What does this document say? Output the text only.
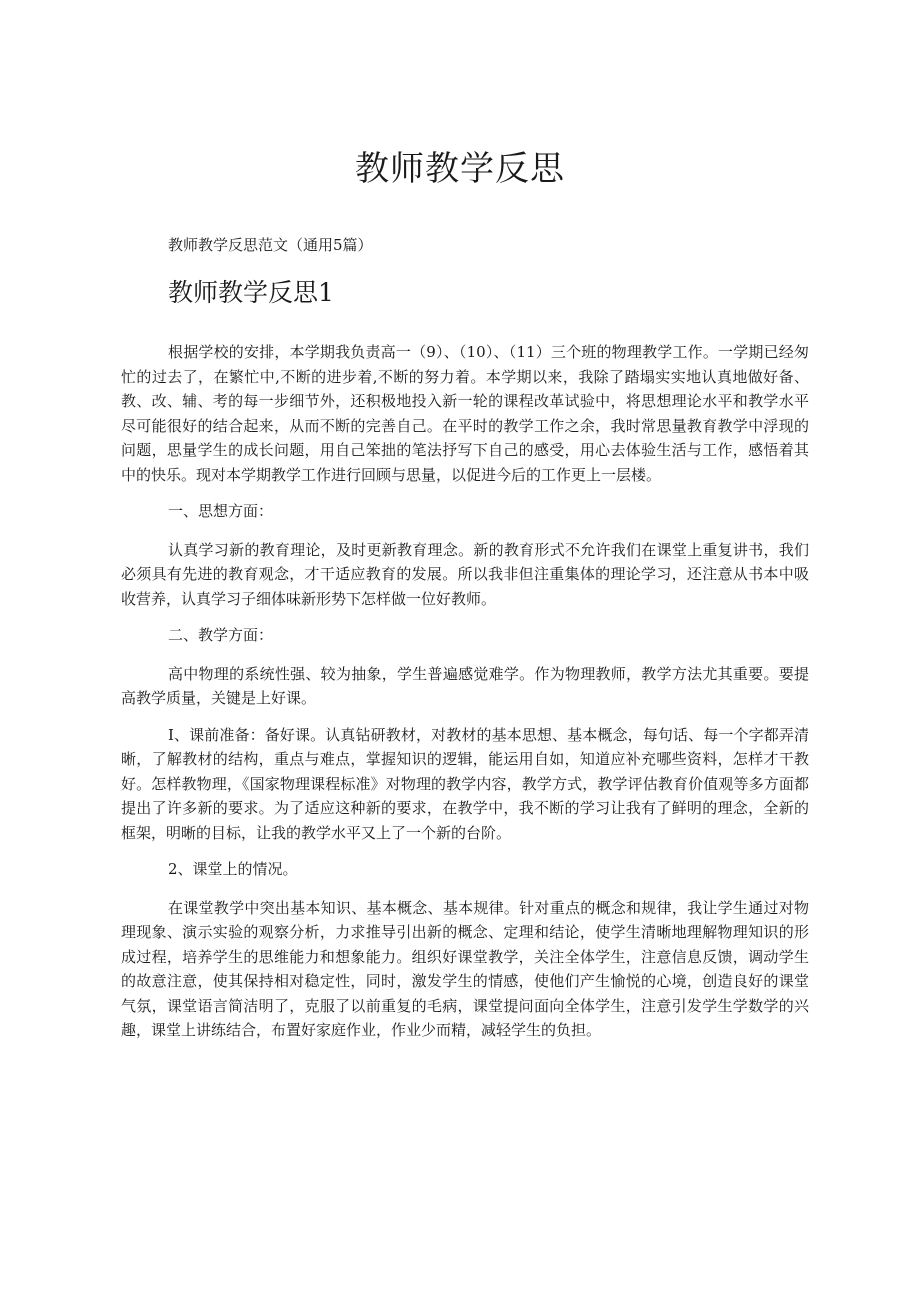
教师教学反思
教师教学反思范文（通用5篇）
教师教学反思1

根据学校的安排，本学期我负责高一（9）、（10）、（11）三个班的物理教学工作。一学期已经匆忙的过去了，在繁忙中,不断的进步着,不断的努力着。本学期以来，我除了踏塌实实地认真地做好备、教、改、辅、考的每一步细节外，还积极地投入新一轮的课程改革试验中，将思想理论水平和教学水平尽可能很好的结合起来，从而不断的完善自己。在平时的教学工作之余，我时常思量教育教学中浮现的问题，思量学生的成长问题，用自己笨拙的笔法抒写下自己的感受，用心去体验生活与工作，感悟着其中的快乐。现对本学期教学工作进行回顾与思量，以促进今后的工作更上一层楼。

一、思想方面：

认真学习新的教育理论，及时更新教育理念。新的教育形式不允许我们在课堂上重复讲书，我们必须具有先进的教育观念，才干适应教育的发展。所以我非但注重集体的理论学习，还注意从书本中吸收营养，认真学习子细体味新形势下怎样做一位好教师。

二、教学方面：

高中物理的系统性强、较为抽象，学生普遍感觉难学。作为物理教师，教学方法尤其重要。要提高教学质量，关键是上好课。

I、课前准备：备好课。认真钻研教材，对教材的基本思想、基本概念，每句话、每一个字都弄清晰，了解教材的结构，重点与难点，掌握知识的逻辑，能运用自如，知道应补充哪些资料，怎样才干教好。怎样教物理，《国家物理课程标准》对物理的教学内容，教学方式，教学评估教育价值观等多方面都提出了许多新的要求。为了适应这种新的要求，在教学中，我不断的学习让我有了鲜明的理念，全新的框架，明晰的目标，让我的教学水平又上了一个新的台阶。

2、课堂上的情况。

在课堂教学中突出基本知识、基本概念、基本规律。针对重点的概念和规律，我让学生通过对物理现象、演示实验的观察分析，力求推导引出新的概念、定理和结论，使学生清晰地理解物理知识的形成过程，培养学生的思维能力和想象能力。组织好课堂教学，关注全体学生，注意信息反馈，调动学生的故意注意，使其保持相对稳定性，同时，激发学生的情感，使他们产生愉悦的心境，创造良好的课堂气氛，课堂语言简洁明了，克服了以前重复的毛病，课堂提问面向全体学生，注意引发学生学数学的兴趣，课堂上讲练结合，布置好家庭作业，作业少而精，减轻学生的负担。
